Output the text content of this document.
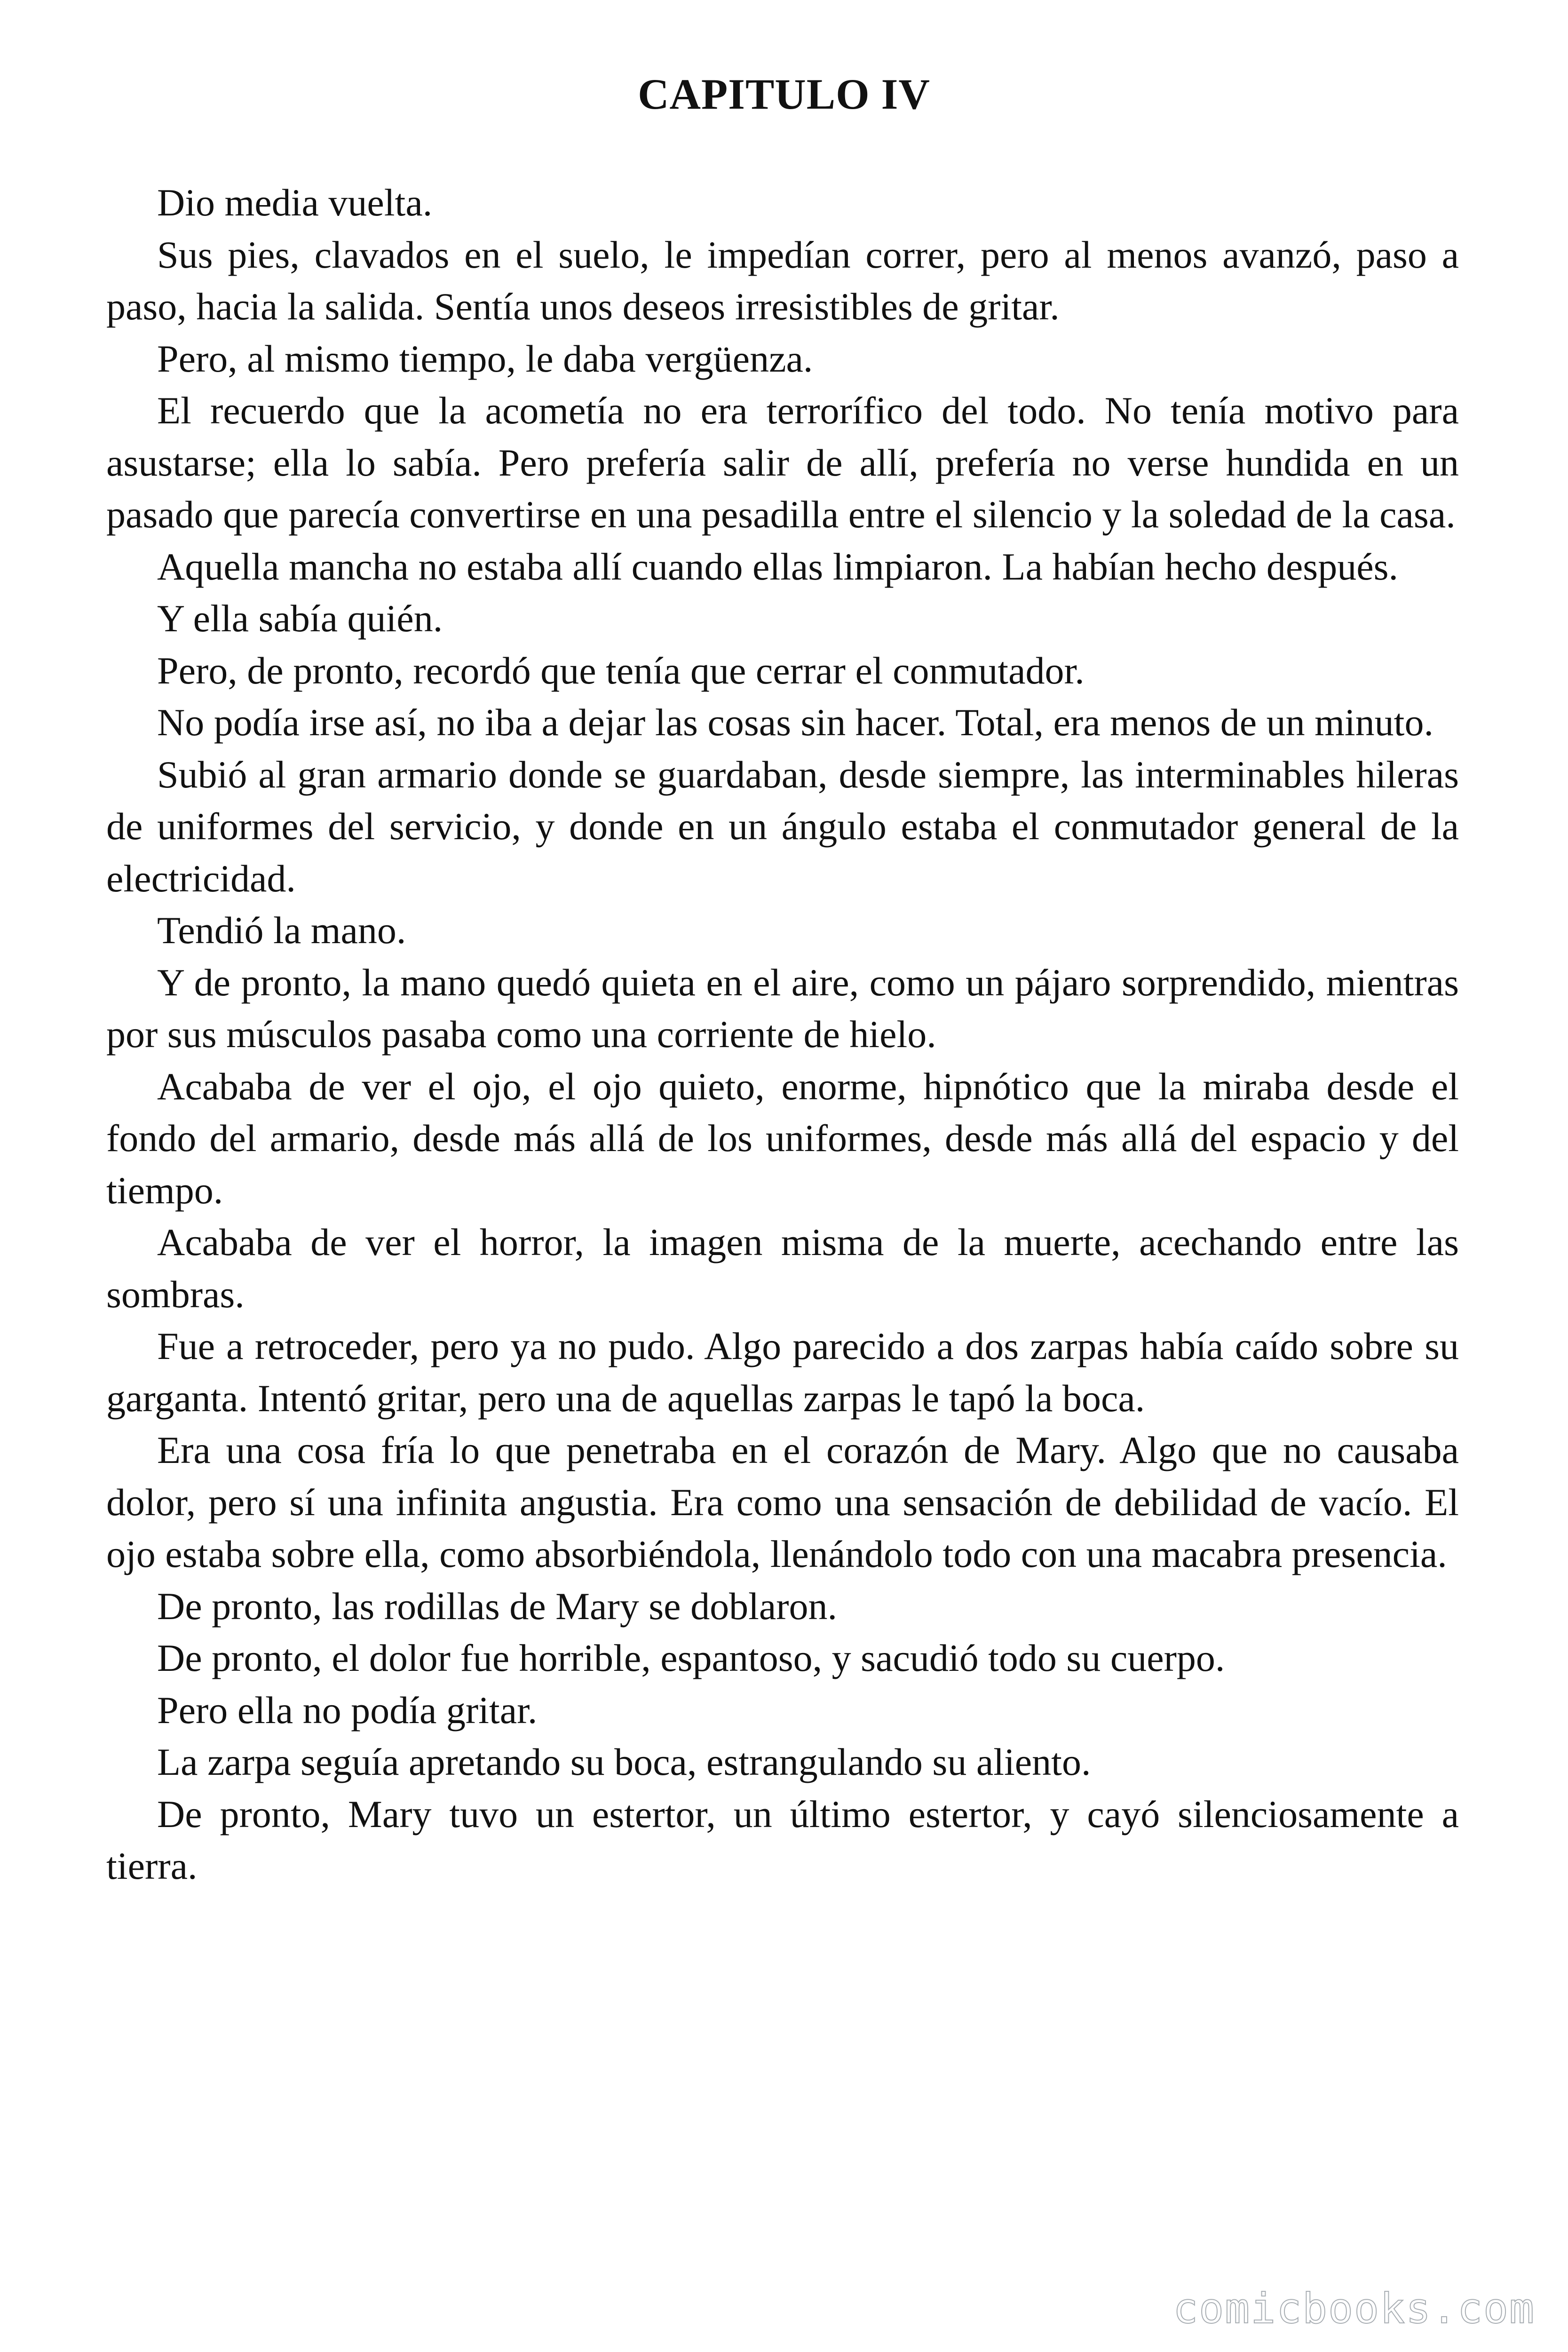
CAPITULO IV

Dio media vuelta.

Sus pies, clavados en el suelo, le impedían correr, pero al menos avanzó, paso a paso, hacia la salida. Sentía unos deseos irresistibles de gritar.

Pero, al mismo tiempo, le daba vergüenza.

El recuerdo que la acometía no era terrorífico del todo. No tenía motivo para asustarse; ella lo sabía. Pero prefería salir de allí, prefería no verse hundida en un pasado que parecía convertirse en una pesadilla entre el silencio y la soledad de la casa.

Aquella mancha no estaba allí cuando ellas limpiaron. La habían hecho después.

Y ella sabía quién.

Pero, de pronto, recordó que tenía que cerrar el conmutador.

No podía irse así, no iba a dejar las cosas sin hacer. Total, era menos de un minuto.

Subió al gran armario donde se guardaban, desde siempre, las interminables hileras de uniformes del servicio, y donde en un ángulo estaba el conmutador general de la electricidad.

Tendió la mano.

Y de pronto, la mano quedó quieta en el aire, como un pájaro sorprendido, mientras por sus músculos pasaba como una corriente de hielo.

Acababa de ver el ojo, el ojo quieto, enorme, hipnótico que la miraba desde el fondo del armario, desde más allá de los uniformes, desde más allá del espacio y del tiempo.

Acababa de ver el horror, la imagen misma de la muerte, acechando entre las sombras.

Fue a retroceder, pero ya no pudo. Algo parecido a dos zarpas había caído sobre su garganta. Intentó gritar, pero una de aquellas zarpas le tapó la boca.

Era una cosa fría lo que penetraba en el corazón de Mary. Algo que no causaba dolor, pero sí una infinita angustia. Era como una sensación de debilidad de vacío. El ojo estaba sobre ella, como absorbiéndola, llenándolo todo con una macabra presencia.

De pronto, las rodillas de Mary se doblaron.

De pronto, el dolor fue horrible, espantoso, y sacudió todo su cuerpo.

Pero ella no podía gritar.

La zarpa seguía apretando su boca, estrangulando su aliento.

De pronto, Mary tuvo un estertor, un último estertor, y cayó silenciosamente a tierra.

comicbooks.com
